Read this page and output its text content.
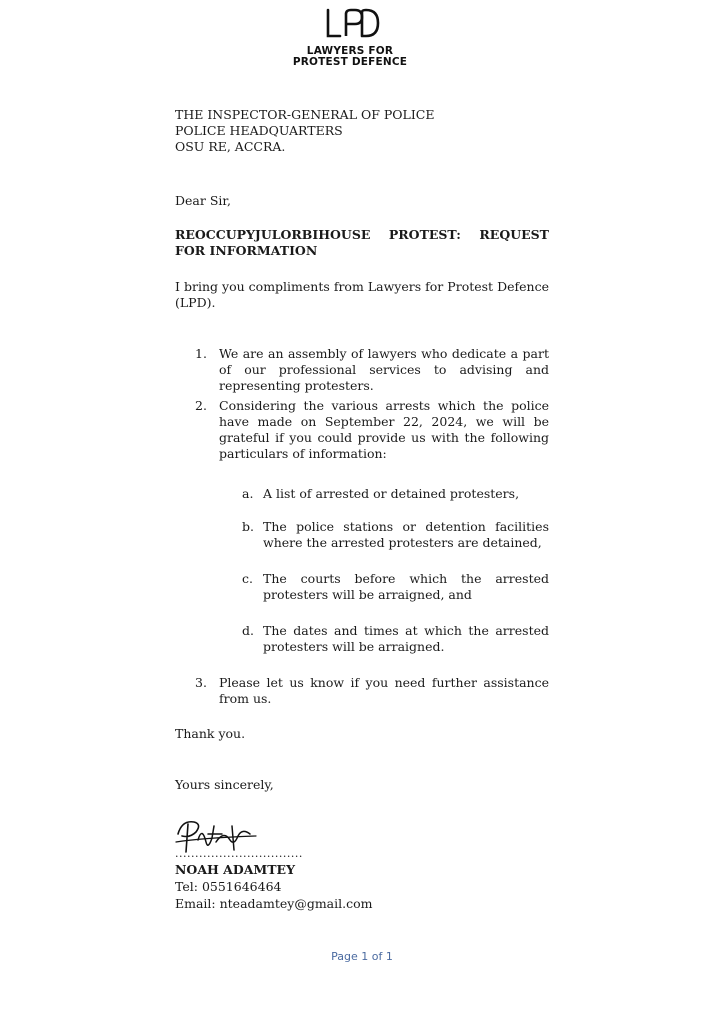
LAWYERS FOR
PROTEST DEFENCE
THE INSPECTOR-GENERAL OF POLICE
POLICE HEADQUARTERS
OSU RE, ACCRA.
Dear Sir,
REOCCUPYJULORBIHOUSE PROTEST: REQUEST FOR INFORMATION
I bring you compliments from Lawyers for Protest Defence (LPD).
1. We are an assembly of lawyers who dedicate a part of our professional services to advising and representing protesters.
2. Considering the various arrests which the police have made on September 22, 2024, we will be grateful if you could provide us with the following particulars of information:
a. A list of arrested or detained protesters,
b. The police stations or detention facilities where the arrested protesters are detained,
c. The courts before which the arrested protesters will be arraigned, and
d. The dates and times at which the arrested protesters will be arraigned.
3. Please let us know if you need further assistance from us.
Thank you.
Yours sincerely,
................................
NOAH ADAMTEY
Tel: 0551646464
Email: nteadamtey@gmail.com
Page 1 of 1
